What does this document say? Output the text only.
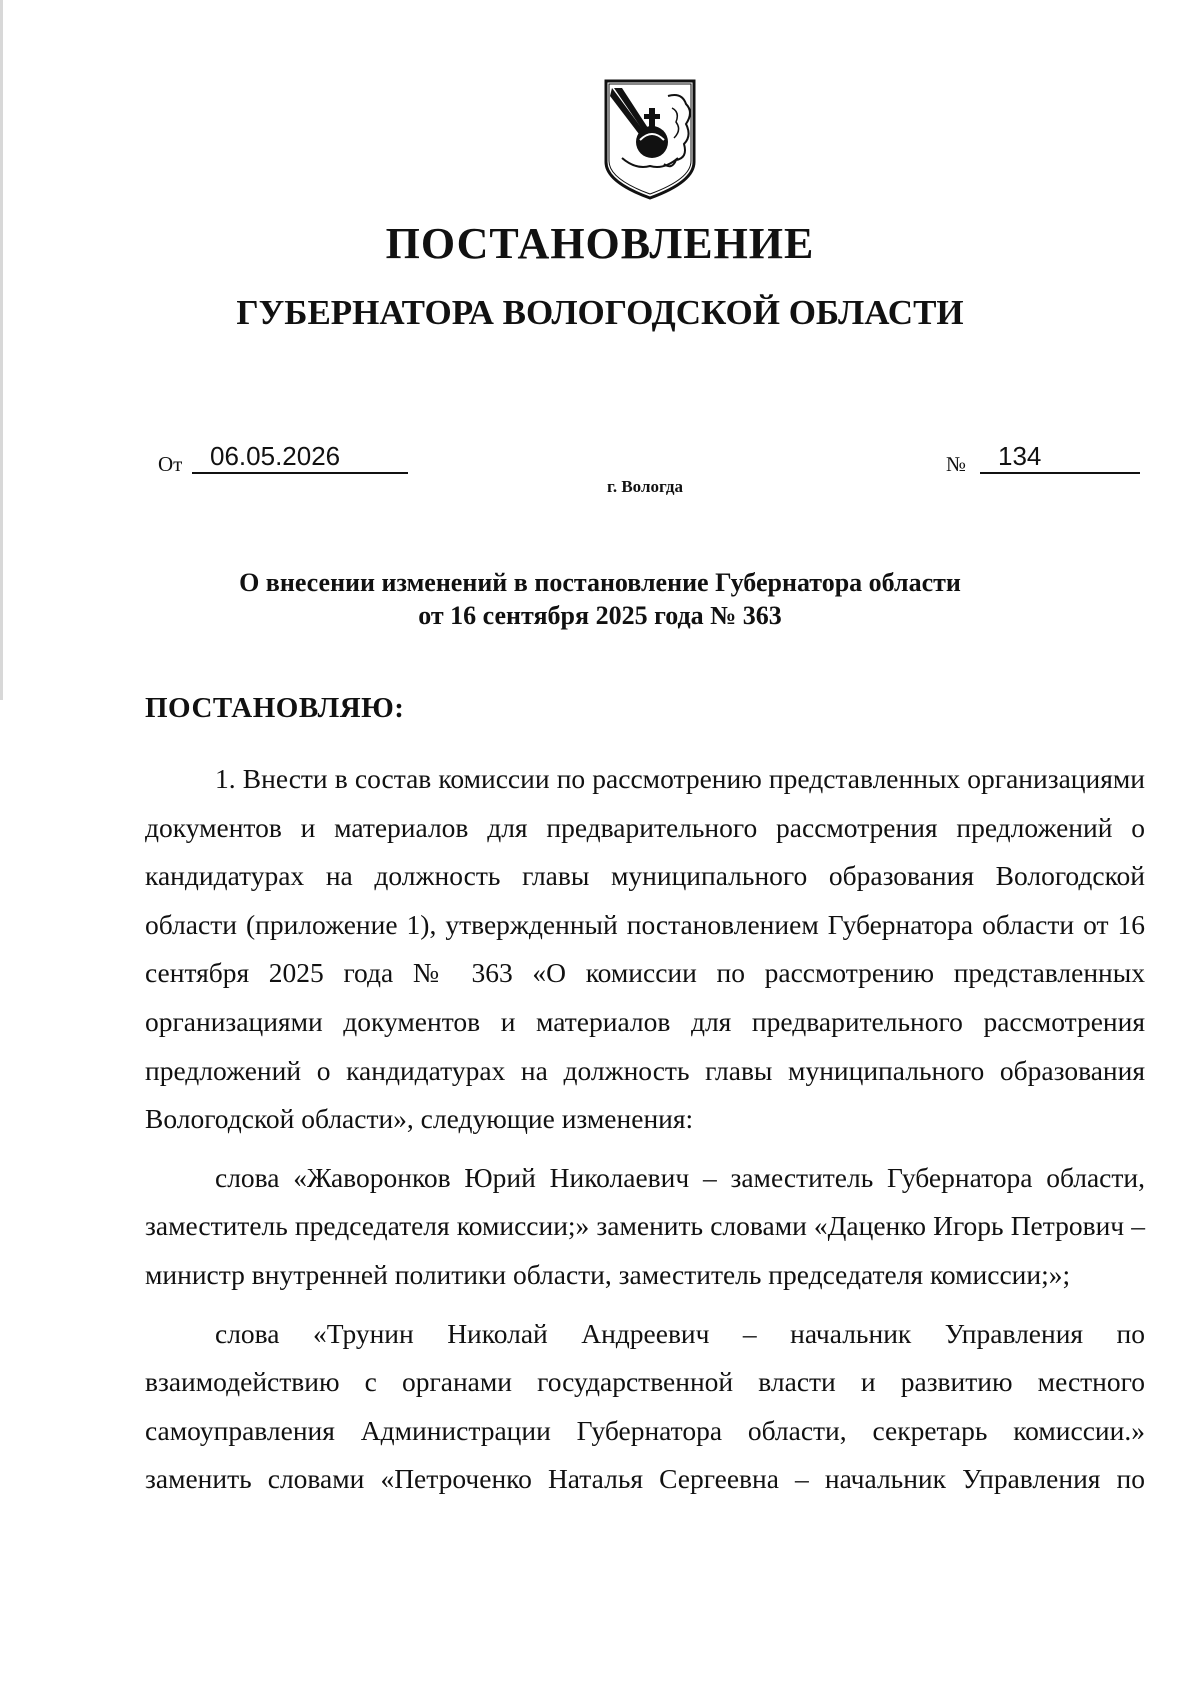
ПОСТАНОВЛЕНИЕ
ГУБЕРНАТОРА ВОЛОГОДСКОЙ ОБЛАСТИ
От	06.05.2026	№	134
г. Вологда
О внесении изменений в постановление Губернатора области
от 16 сентября 2025 года № 363
ПОСТАНОВЛЯЮ:

1. Внести в состав комиссии по рассмотрению представленных организациями документов и материалов для предварительного рассмотрения предложений о кандидатурах на должность главы муниципального образования Вологодской области (приложение 1), утвержденный постановлением Губернатора области от 16 сентября 2025 года № 363 «О комиссии по рассмотрению представленных организациями документов и материалов для предварительного рассмотрения предложений о кандидатурах на должность главы муниципального образования Вологодской области», следующие изменения:

слова «Жаворонков Юрий Николаевич – заместитель Губернатора области, заместитель председателя комиссии;» заменить словами «Даценко Игорь Петрович – министр внутренней политики области, заместитель председателя комиссии;»;

слова «Трунин Николай Андреевич – начальник Управления по взаимодействию с органами государственной власти и развитию местного самоуправления Администрации Губернатора области, секретарь комиссии.» заменить словами «Петроченко Наталья Сергеевна – начальник Управления по
